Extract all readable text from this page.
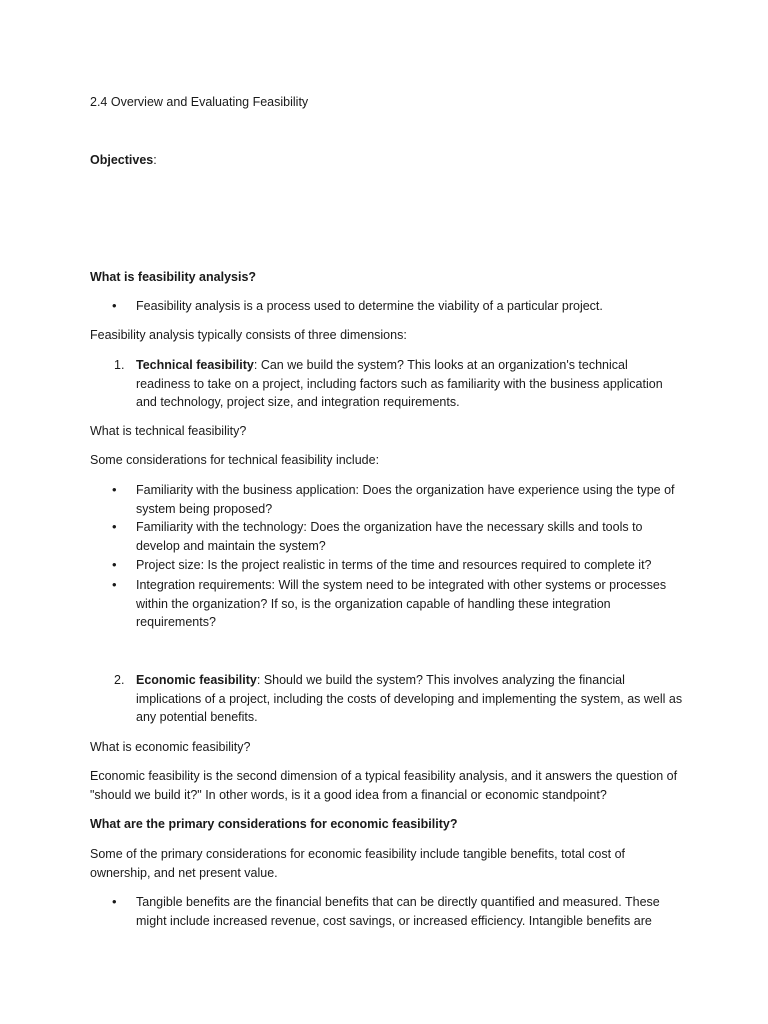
2.4 Overview and Evaluating Feasibility

Objectives:

What is feasibility analysis?

• Feasibility analysis is a process used to determine the viability of a particular project.

Feasibility analysis typically consists of three dimensions:

1. Technical feasibility: Can we build the system? This looks at an organization's technical readiness to take on a project, including factors such as familiarity with the business application and technology, project size, and integration requirements.

What is technical feasibility?

Some considerations for technical feasibility include:

• Familiarity with the business application: Does the organization have experience using the type of system being proposed?

• Familiarity with the technology: Does the organization have the necessary skills and tools to develop and maintain the system?

• Project size: Is the project realistic in terms of the time and resources required to complete it?

• Integration requirements: Will the system need to be integrated with other systems or processes within the organization? If so, is the organization capable of handling these integration requirements?

2. Economic feasibility: Should we build the system? This involves analyzing the financial implications of a project, including the costs of developing and implementing the system, as well as any potential benefits.

What is economic feasibility?

Economic feasibility is the second dimension of a typical feasibility analysis, and it answers the question of "should we build it?" In other words, is it a good idea from a financial or economic standpoint?

What are the primary considerations for economic feasibility?

Some of the primary considerations for economic feasibility include tangible benefits, total cost of ownership, and net present value.

• Tangible benefits are the financial benefits that can be directly quantified and measured. These might include increased revenue, cost savings, or increased efficiency. Intangible benefits are
